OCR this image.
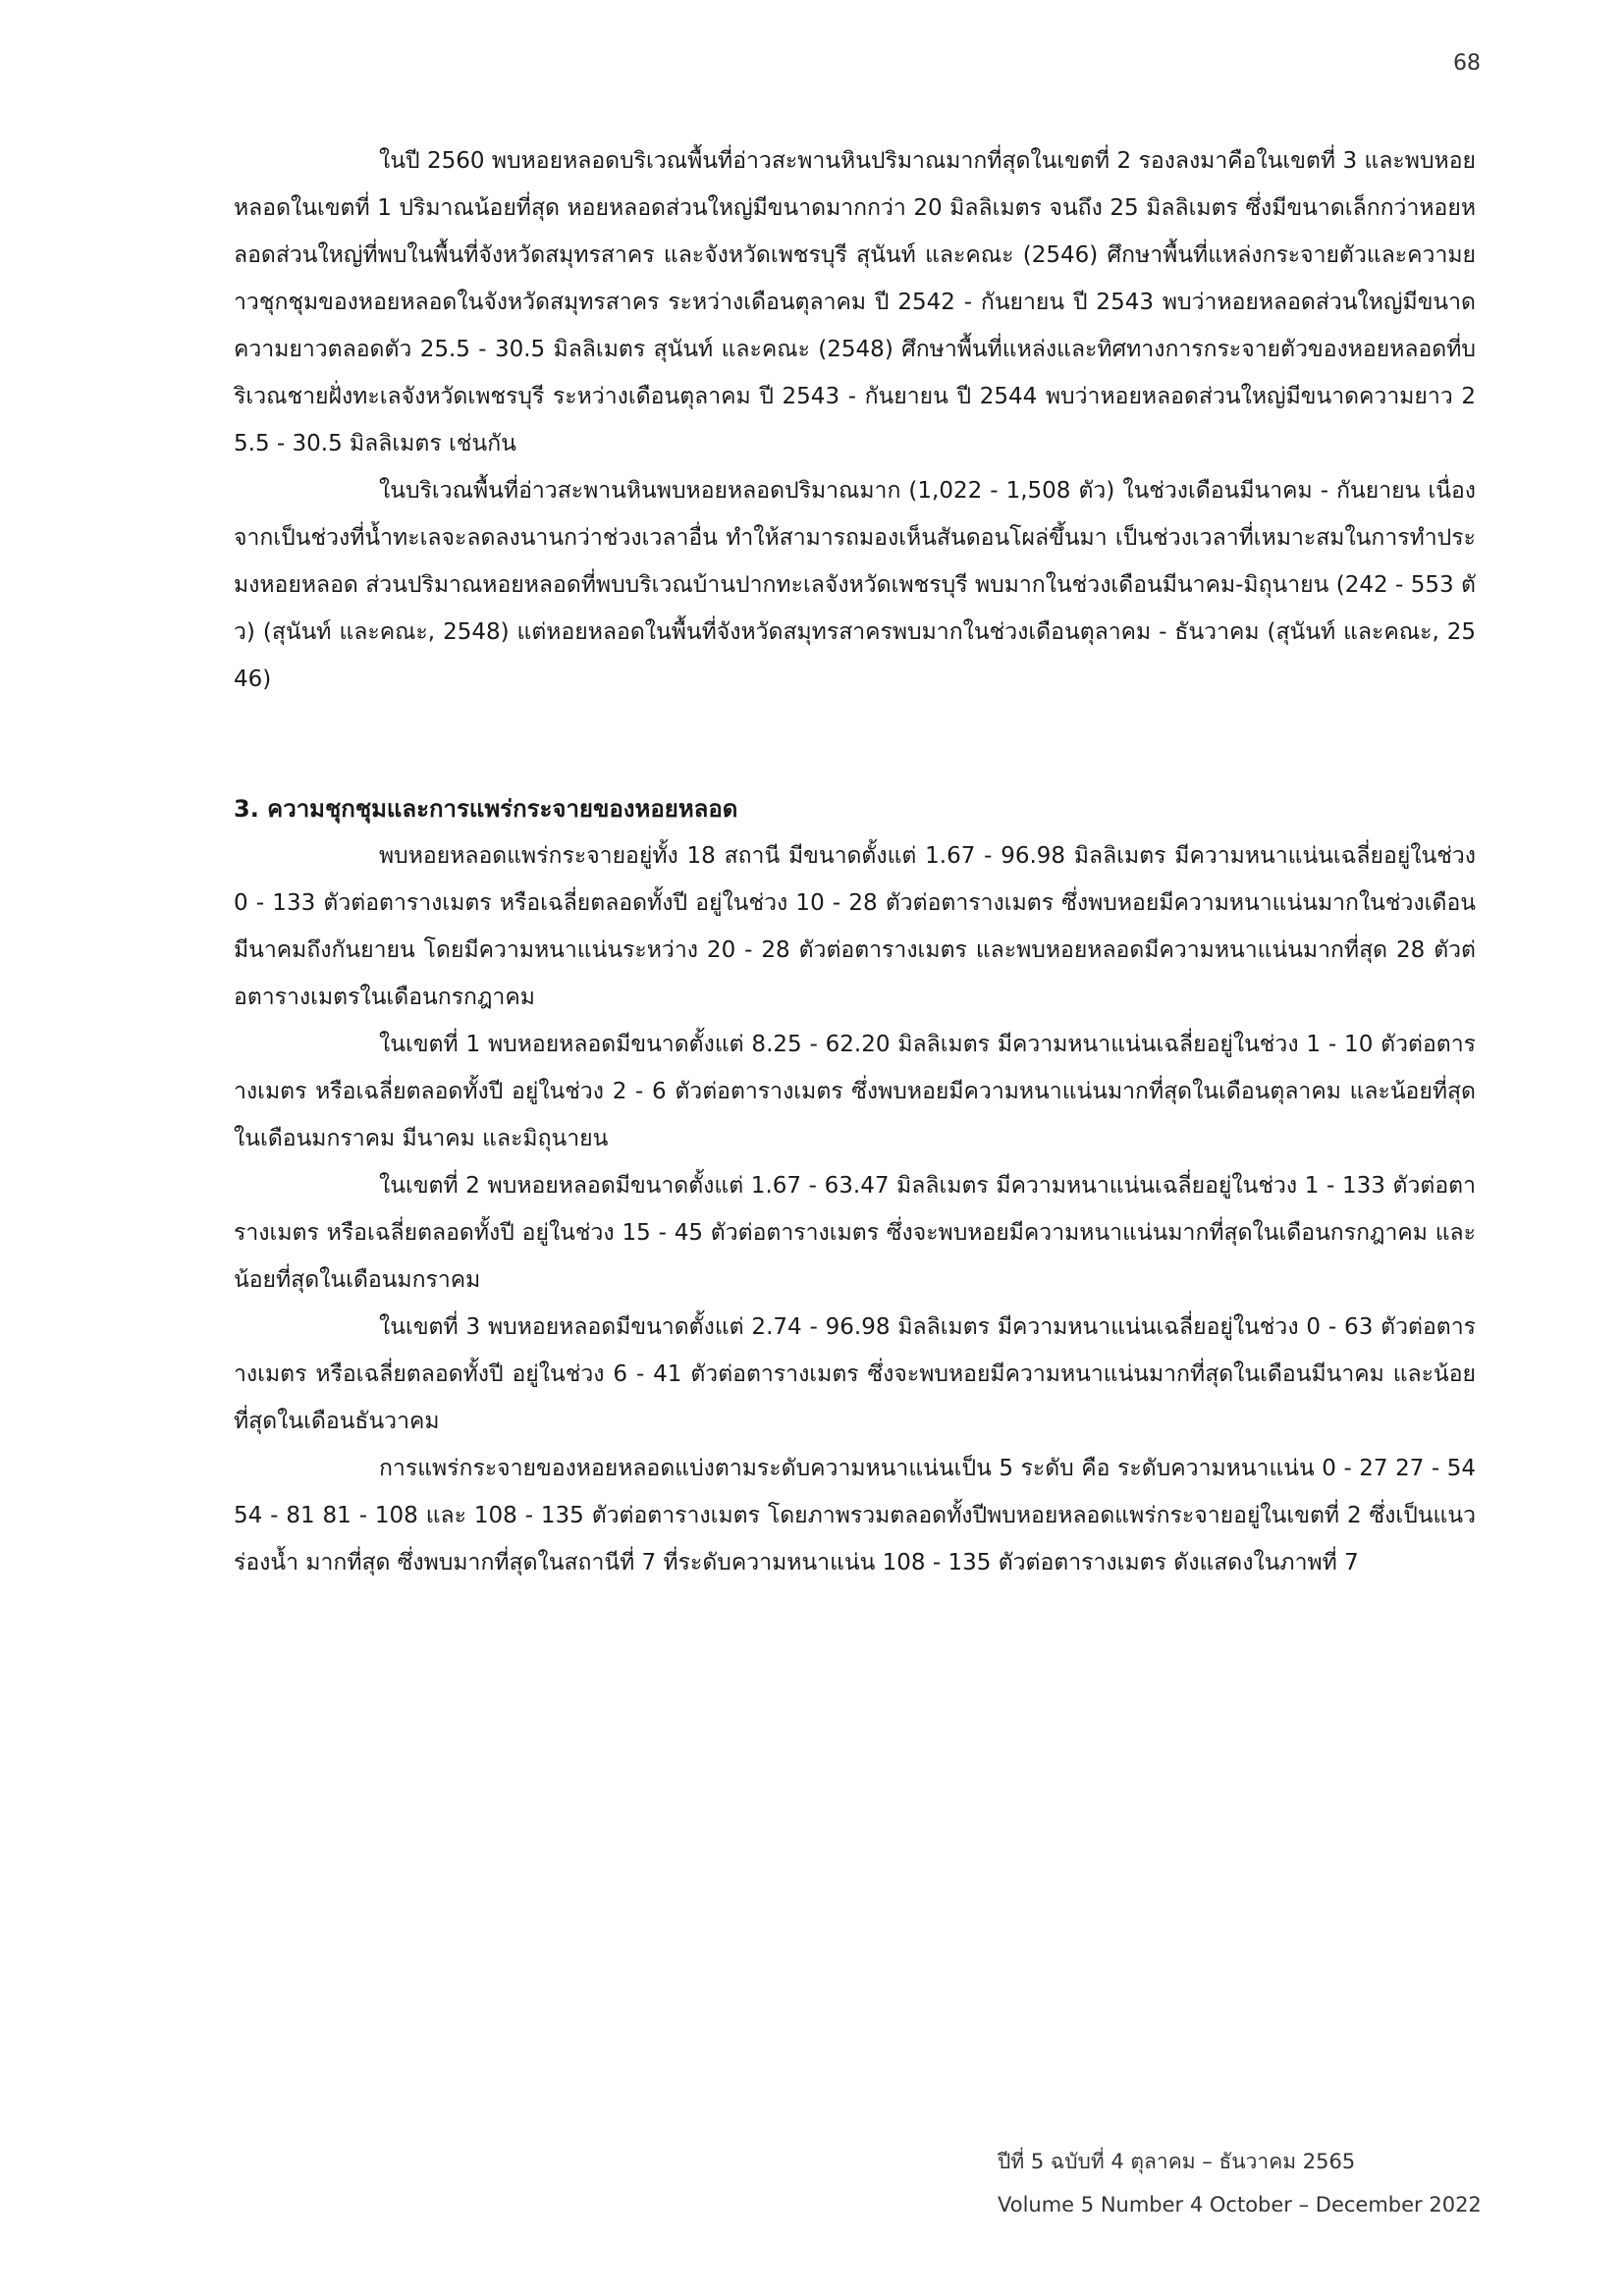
68

ในปี 2560 พบหอยหลอดบริเวณพื้นที่อ่าวสะพานหินปริมาณมากที่สุดในเขตที่ 2 รองลงมาคือในเขตที่ 3 และพบหอยหลอดในเขตที่ 1 ปริมาณน้อยที่สุด หอยหลอดส่วนใหญ่มีขนาดมากกว่า 20 มิลลิเมตร จนถึง 25 มิลลิเมตร ซึ่งมีขนาดเล็กกว่าหอยหลอดส่วนใหญ่ที่พบในพื้นที่จังหวัดสมุทรสาคร และจังหวัดเพชรบุรี สุนันท์ และคณะ (2546) ศึกษาพื้นที่แหล่งกระจายตัวและความยาวชุกชุมของหอยหลอดในจังหวัดสมุทรสาคร ระหว่างเดือนตุลาคม ปี 2542 - กันยายน ปี 2543 พบว่าหอยหลอดส่วนใหญ่มีขนาดความยาวตลอดตัว 25.5 - 30.5 มิลลิเมตร สุนันท์ และคณะ (2548) ศึกษาพื้นที่แหล่งและทิศทางการกระจายตัวของหอยหลอดที่บริเวณชายฝั่งทะเลจังหวัดเพชรบุรี ระหว่างเดือนตุลาคม ปี 2543 - กันยายน ปี 2544 พบว่าหอยหลอดส่วนใหญ่มีขนาดความยาว 25.5 - 30.5 มิลลิเมตร เช่นกัน

ในบริเวณพื้นที่อ่าวสะพานหินพบหอยหลอดปริมาณมาก (1,022 - 1,508 ตัว) ในช่วงเดือนมีนาคม - กันยายน เนื่องจากเป็นช่วงที่น้ำทะเลจะลดลงนานกว่าช่วงเวลาอื่น ทำให้สามารถมองเห็นสันดอนโผล่ขึ้นมา เป็นช่วงเวลาที่เหมาะสมในการทำประมงหอยหลอด ส่วนปริมาณหอยหลอดที่พบบริเวณบ้านปากทะเลจังหวัดเพชรบุรี พบมากในช่วงเดือนมีนาคม-มิถุนายน (242 - 553 ตัว) (สุนันท์ และคณะ, 2548) แต่หอยหลอดในพื้นที่จังหวัดสมุทรสาครพบมากในช่วงเดือนตุลาคม - ธันวาคม (สุนันท์ และคณะ, 2546)

3. ความชุกชุมและการแพร่กระจายของหอยหลอด

พบหอยหลอดแพร่กระจายอยู่ทั้ง 18 สถานี มีขนาดตั้งแต่ 1.67 - 96.98 มิลลิเมตร มีความหนาแน่นเฉลี่ยอยู่ในช่วง 0 - 133 ตัวต่อตารางเมตร หรือเฉลี่ยตลอดทั้งปี อยู่ในช่วง 10 - 28 ตัวต่อตารางเมตร ซึ่งพบหอยมีความหนาแน่นมากในช่วงเดือนมีนาคมถึงกันยายน โดยมีความหนาแน่นระหว่าง 20 - 28 ตัวต่อตารางเมตร และพบหอยหลอดมีความหนาแน่นมากที่สุด 28 ตัวต่อตารางเมตรในเดือนกรกฎาคม

ในเขตที่ 1 พบหอยหลอดมีขนาดตั้งแต่ 8.25 - 62.20 มิลลิเมตร มีความหนาแน่นเฉลี่ยอยู่ในช่วง 1 - 10 ตัวต่อตารางเมตร หรือเฉลี่ยตลอดทั้งปี อยู่ในช่วง 2 - 6 ตัวต่อตารางเมตร ซึ่งพบหอยมีความหนาแน่นมากที่สุดในเดือนตุลาคม และน้อยที่สุดในเดือนมกราคม มีนาคม และมิถุนายน

ในเขตที่ 2 พบหอยหลอดมีขนาดตั้งแต่ 1.67 - 63.47 มิลลิเมตร มีความหนาแน่นเฉลี่ยอยู่ในช่วง 1 - 133 ตัวต่อตารางเมตร หรือเฉลี่ยตลอดทั้งปี อยู่ในช่วง 15 - 45 ตัวต่อตารางเมตร ซึ่งจะพบหอยมีความหนาแน่นมากที่สุดในเดือนกรกฎาคม และน้อยที่สุดในเดือนมกราคม

ในเขตที่ 3 พบหอยหลอดมีขนาดตั้งแต่ 2.74 - 96.98 มิลลิเมตร มีความหนาแน่นเฉลี่ยอยู่ในช่วง 0 - 63 ตัวต่อตารางเมตร หรือเฉลี่ยตลอดทั้งปี อยู่ในช่วง 6 - 41 ตัวต่อตารางเมตร ซึ่งจะพบหอยมีความหนาแน่นมากที่สุดในเดือนมีนาคม และน้อยที่สุดในเดือนธันวาคม

การแพร่กระจายของหอยหลอดแบ่งตามระดับความหนาแน่นเป็น 5 ระดับ คือ ระดับความหนาแน่น 0 - 27 27 - 54 54 - 81 81 - 108 และ 108 - 135 ตัวต่อตารางเมตร โดยภาพรวมตลอดทั้งปีพบหอยหลอดแพร่กระจายอยู่ในเขตที่ 2 ซึ่งเป็นแนวร่องน้ำ มากที่สุด ซึ่งพบมากที่สุดในสถานีที่ 7 ที่ระดับความหนาแน่น 108 - 135 ตัวต่อตารางเมตร ดังแสดงในภาพที่ 7

ปีที่ 5 ฉบับที่ 4 ตุลาคม – ธันวาคม 2565
Volume 5 Number 4 October – December 2022
